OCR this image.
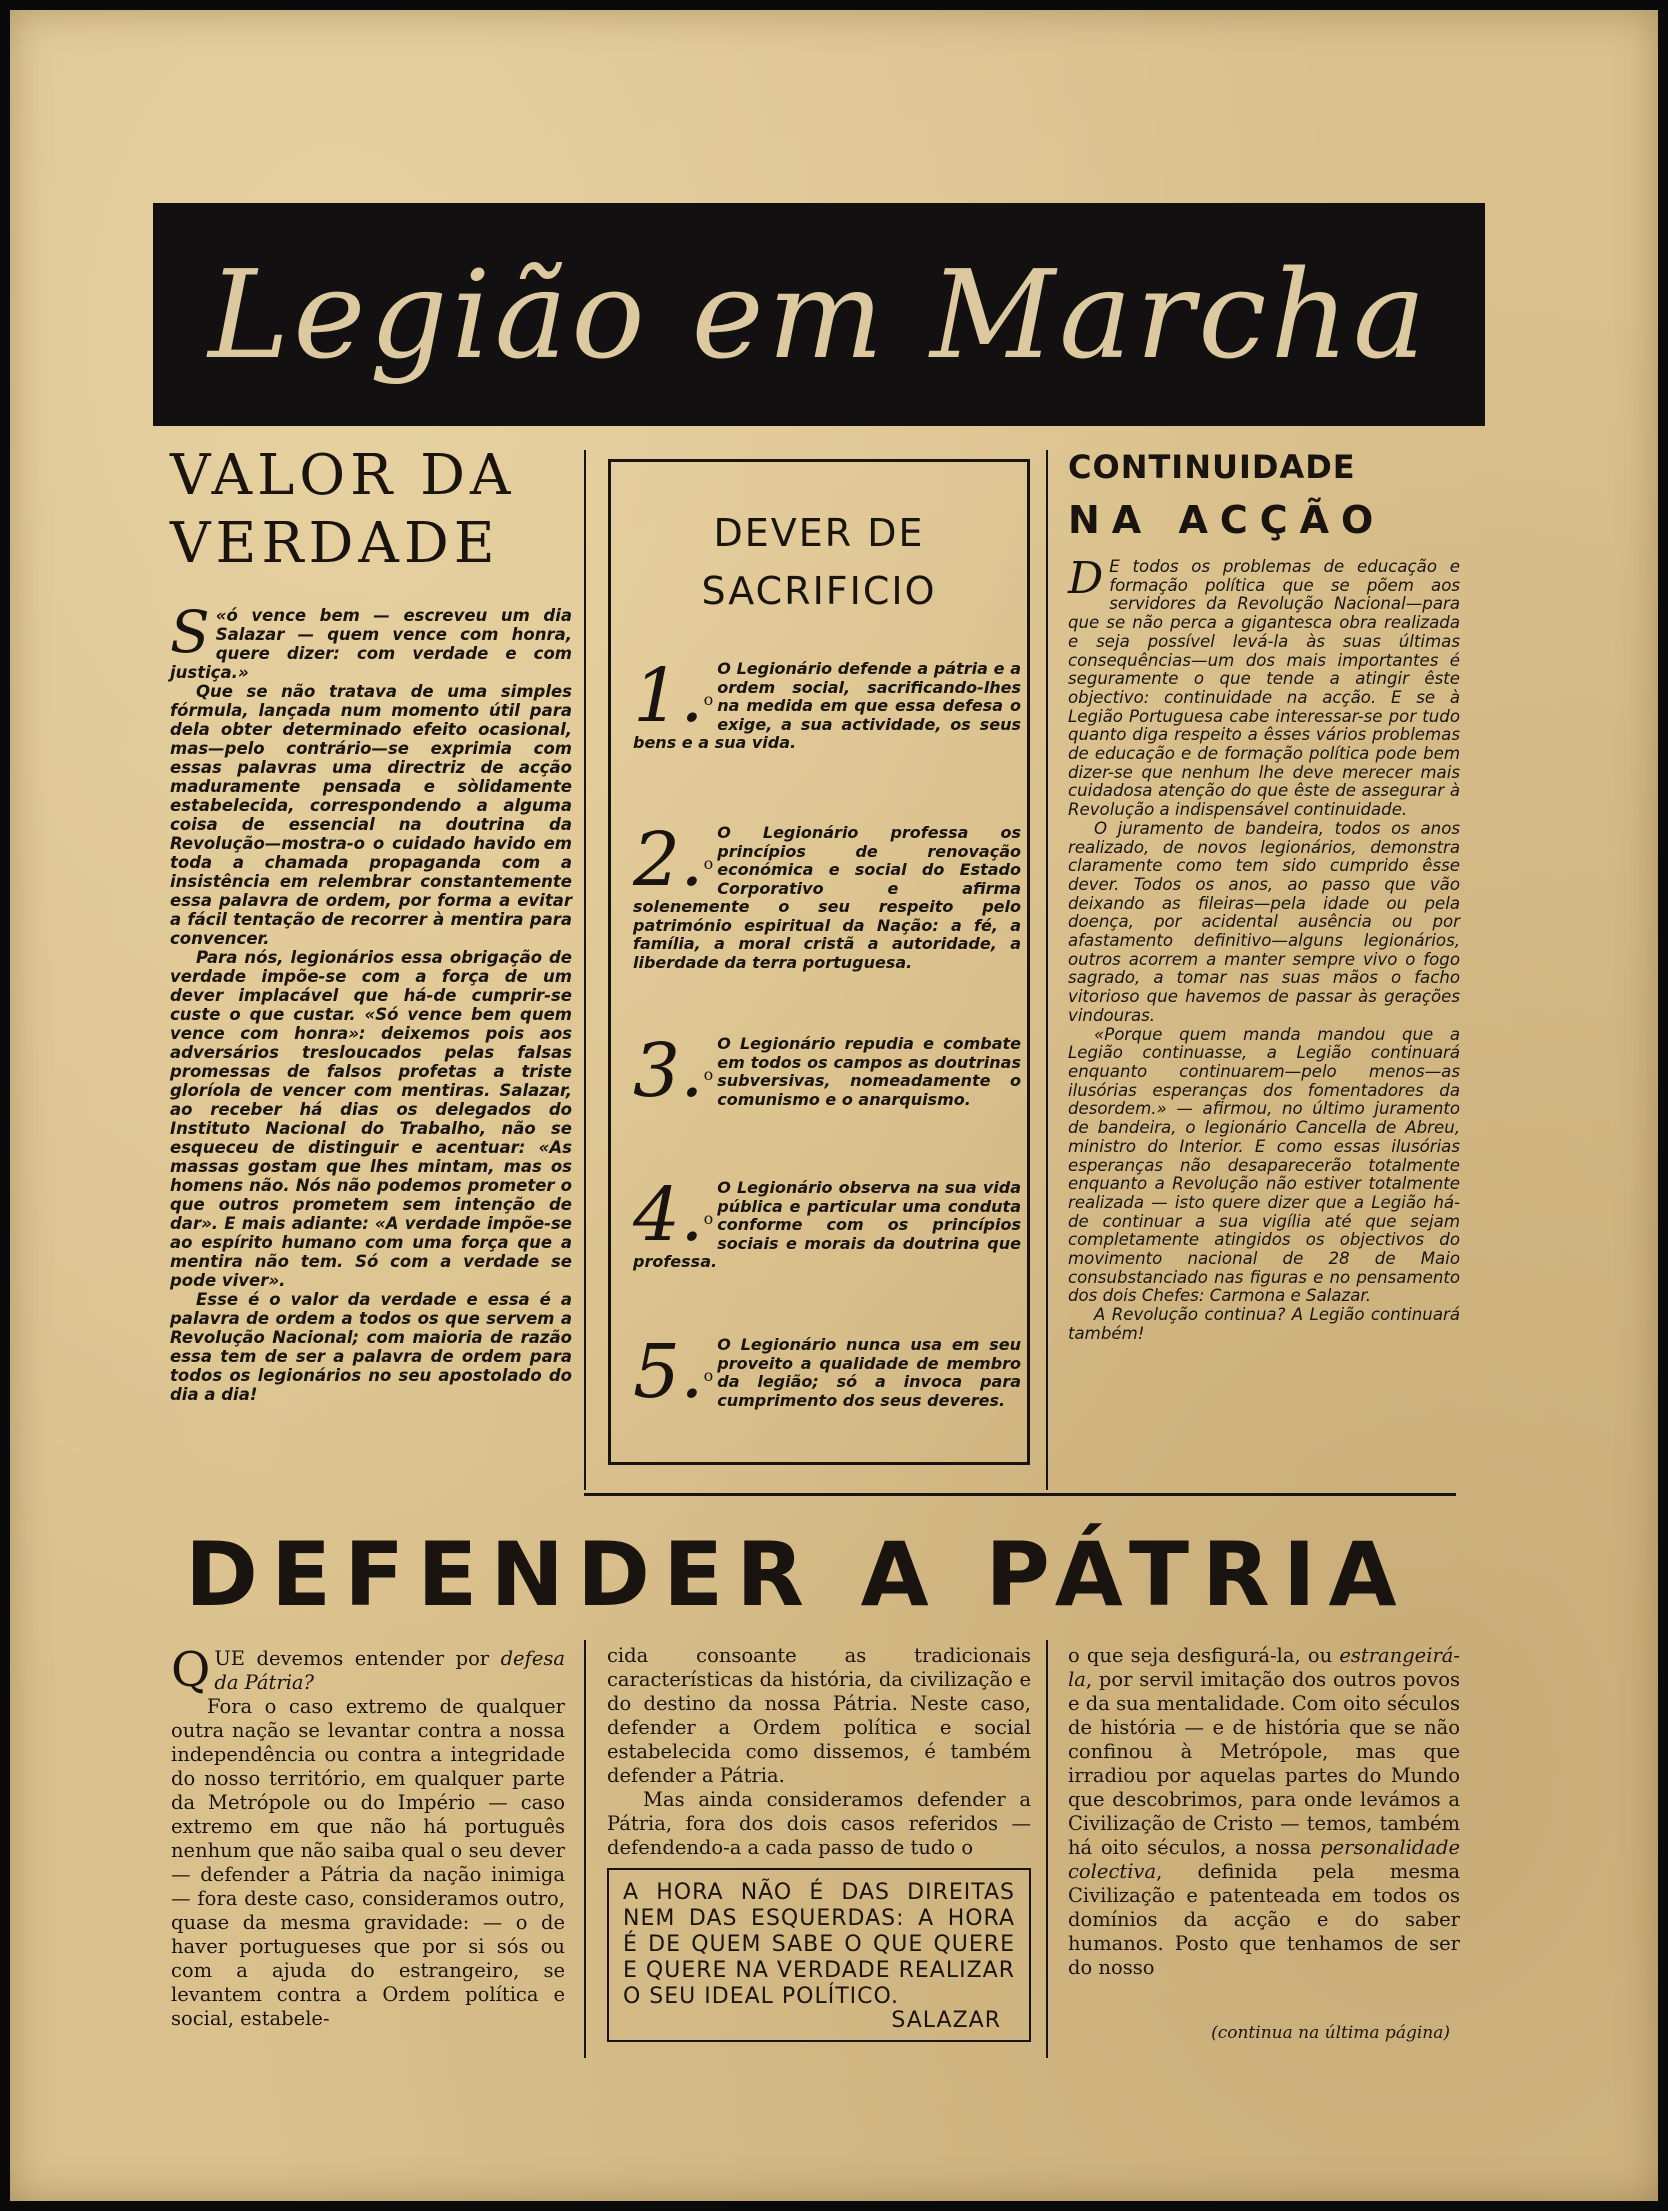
Legião em Marcha
VALOR DA
VERDADE

«
S ó vence bem — escreveu um dia Salazar — quem vence com honra, quere dizer: com verdade e com justiça.»

Que se não tratava de uma simples fórmula, lançada num momento útil para dela obter determinado efeito ocasional, mas—pelo contrário—se exprimia com essas palavras uma directriz de acção maduramente pensada e sòlidamente estabelecida, correspondendo a alguma coisa de essencial na doutrina da Revolução—mostra-o o cuidado havido em toda a chamada propaganda com a insistência em relembrar constantemente essa palavra de ordem, por forma a evitar a fácil tentação de recorrer à mentira para convencer.

Para nós, legionários essa obrigação de verdade impõe-se com a força de um dever implacável que há-de cumprir-se custe o que custar. «Só vence bem quem vence com honra»: deixemos pois aos adversários tresloucados pelas falsas promessas de falsos profetas a triste gloríola de vencer com mentiras. Salazar, ao receber há dias os delegados do Instituto Nacional do Trabalho, não se esqueceu de distinguir e acentuar: «As massas gostam que lhes mintam, mas os homens não. Nós não podemos prometer o que outros prometem sem intenção de dar». E mais adiante: «A verdade impõe-se ao espírito humano com uma força que a mentira não tem. Só com a verdade se pode viver».

Esse é o valor da verdade e essa é a palavra de ordem a todos os que servem a Revolução Nacional; com maioria de razão essa tem de ser a palavra de ordem para todos os legionários no seu apostolado do dia a dia!

DEVER DE
SACRIFICIO
1.$^o$
O Legionário defende a pátria e a ordem social, sacrificando-lhes na medida em que essa defesa o exige, a sua actividade, os seus bens e a sua vida.
2.$^o$
O Legionário professa os princípios de renovação económica e social do Estado Corporativo e afirma solenemente o seu respeito pelo património espiritual da Nação: a fé, a família, a moral cristã a autoridade, a liberdade da terra portuguesa.
3.$^o$
O Legionário repudia e combate em todos os campos as doutrinas subversivas, nomeadamente o comunismo e o anarquismo.
4.$^o$
O Legionário observa na sua vida pública e particular uma conduta conforme com os princípios sociais e morais da doutrina que professa.
5.$^o$
O Legionário nunca usa em seu proveito a qualidade de membro da legião; só a invoca para cumprimento dos seus deveres.
CONTINUIDADE
NA ACÇÃO

D E todos os problemas de educação e formação política que se põem aos servidores da Revolução Nacional—para que se não perca a gigantesca obra realizada e seja possível levá-la às suas últimas consequências—um dos mais importantes é seguramente o que tende a atingir êste objectivo: continuidade na acção. E se à Legião Portuguesa cabe interessar-se por tudo quanto diga respeito a êsses vários problemas de educação e de formação política pode bem dizer-se que nenhum lhe deve merecer mais cuidadosa atenção do que êste de assegurar à Revolução a indispensável continuidade.

O juramento de bandeira, todos os anos realizado, de novos legionários, demonstra claramente como tem sido cumprido êsse dever. Todos os anos, ao passo que vão deixando as fileiras—pela idade ou pela doença, por acidental ausência ou por afastamento definitivo—alguns legionários, outros acorrem a manter sempre vivo o fogo sagrado, a tomar nas suas mãos o facho vitorioso que havemos de passar às gerações vindouras.

«Porque quem manda mandou que a Legião continuasse, a Legião continuará enquanto continuarem—pelo menos—as ilusórias esperanças dos fomentadores da desordem.» — afirmou, no último juramento de bandeira, o legionário Cancella de Abreu, ministro do Interior. E como essas ilusórias esperanças não desaparecerão totalmente enquanto a Revolução não estiver totalmente realizada — isto quere dizer que a Legião há-de continuar a sua vigília até que sejam completamente atingidos os objectivos do movimento nacional de 28 de Maio consubstanciado nas figuras e no pensamento dos dois Chefes: Carmona e Salazar.

A Revolução continua? A Legião continuará também!

DEFENDER A PÁTRIA

QUE devemos entender por defesa da Pátria?

Fora o caso extremo de qualquer outra nação se levantar contra a nossa independência ou contra a integridade do nosso território, em qualquer parte da Metrópole ou do Império — caso extremo em que não há português nenhum que não saiba qual o seu dever — defender a Pátria da nação inimiga — fora deste caso, consideramos outro, quase da mesma gravidade: — o de haver portugueses que por si sós ou com a ajuda do estrangeiro, se levantem contra a Ordem política e social, estabele-

cida consoante as tradicionais características da história, da civilização e do destino da nossa Pátria. Neste caso, defender a Ordem política e social estabelecida como dissemos, é também defender a Pátria.

Mas ainda consideramos defender a Pátria, fora dos dois casos referidos — defendendo-a a cada passo de tudo o

A HORA NÃO É DAS DIREITAS NEM DAS ESQUERDAS: A HORA É DE QUEM SABE O QUE QUERE E QUERE NA VERDADE REALIZAR O SEU IDEAL POLÍTICO.
SALAZAR

o que seja desfigurá-la, ou estrangeirá-la, por servil imitação dos outros povos e da sua mentalidade. Com oito séculos de história — e de história que se não confinou à Metrópole, mas que irradiou por aquelas partes do Mundo que descobrimos, para onde levámos a Civilização de Cristo — temos, também há oito séculos, a nossa personalidade colectiva, definida pela mesma Civilização e patenteada em todos os domínios da acção e do saber humanos. Posto que tenhamos de ser do nosso

(continua na última página)
